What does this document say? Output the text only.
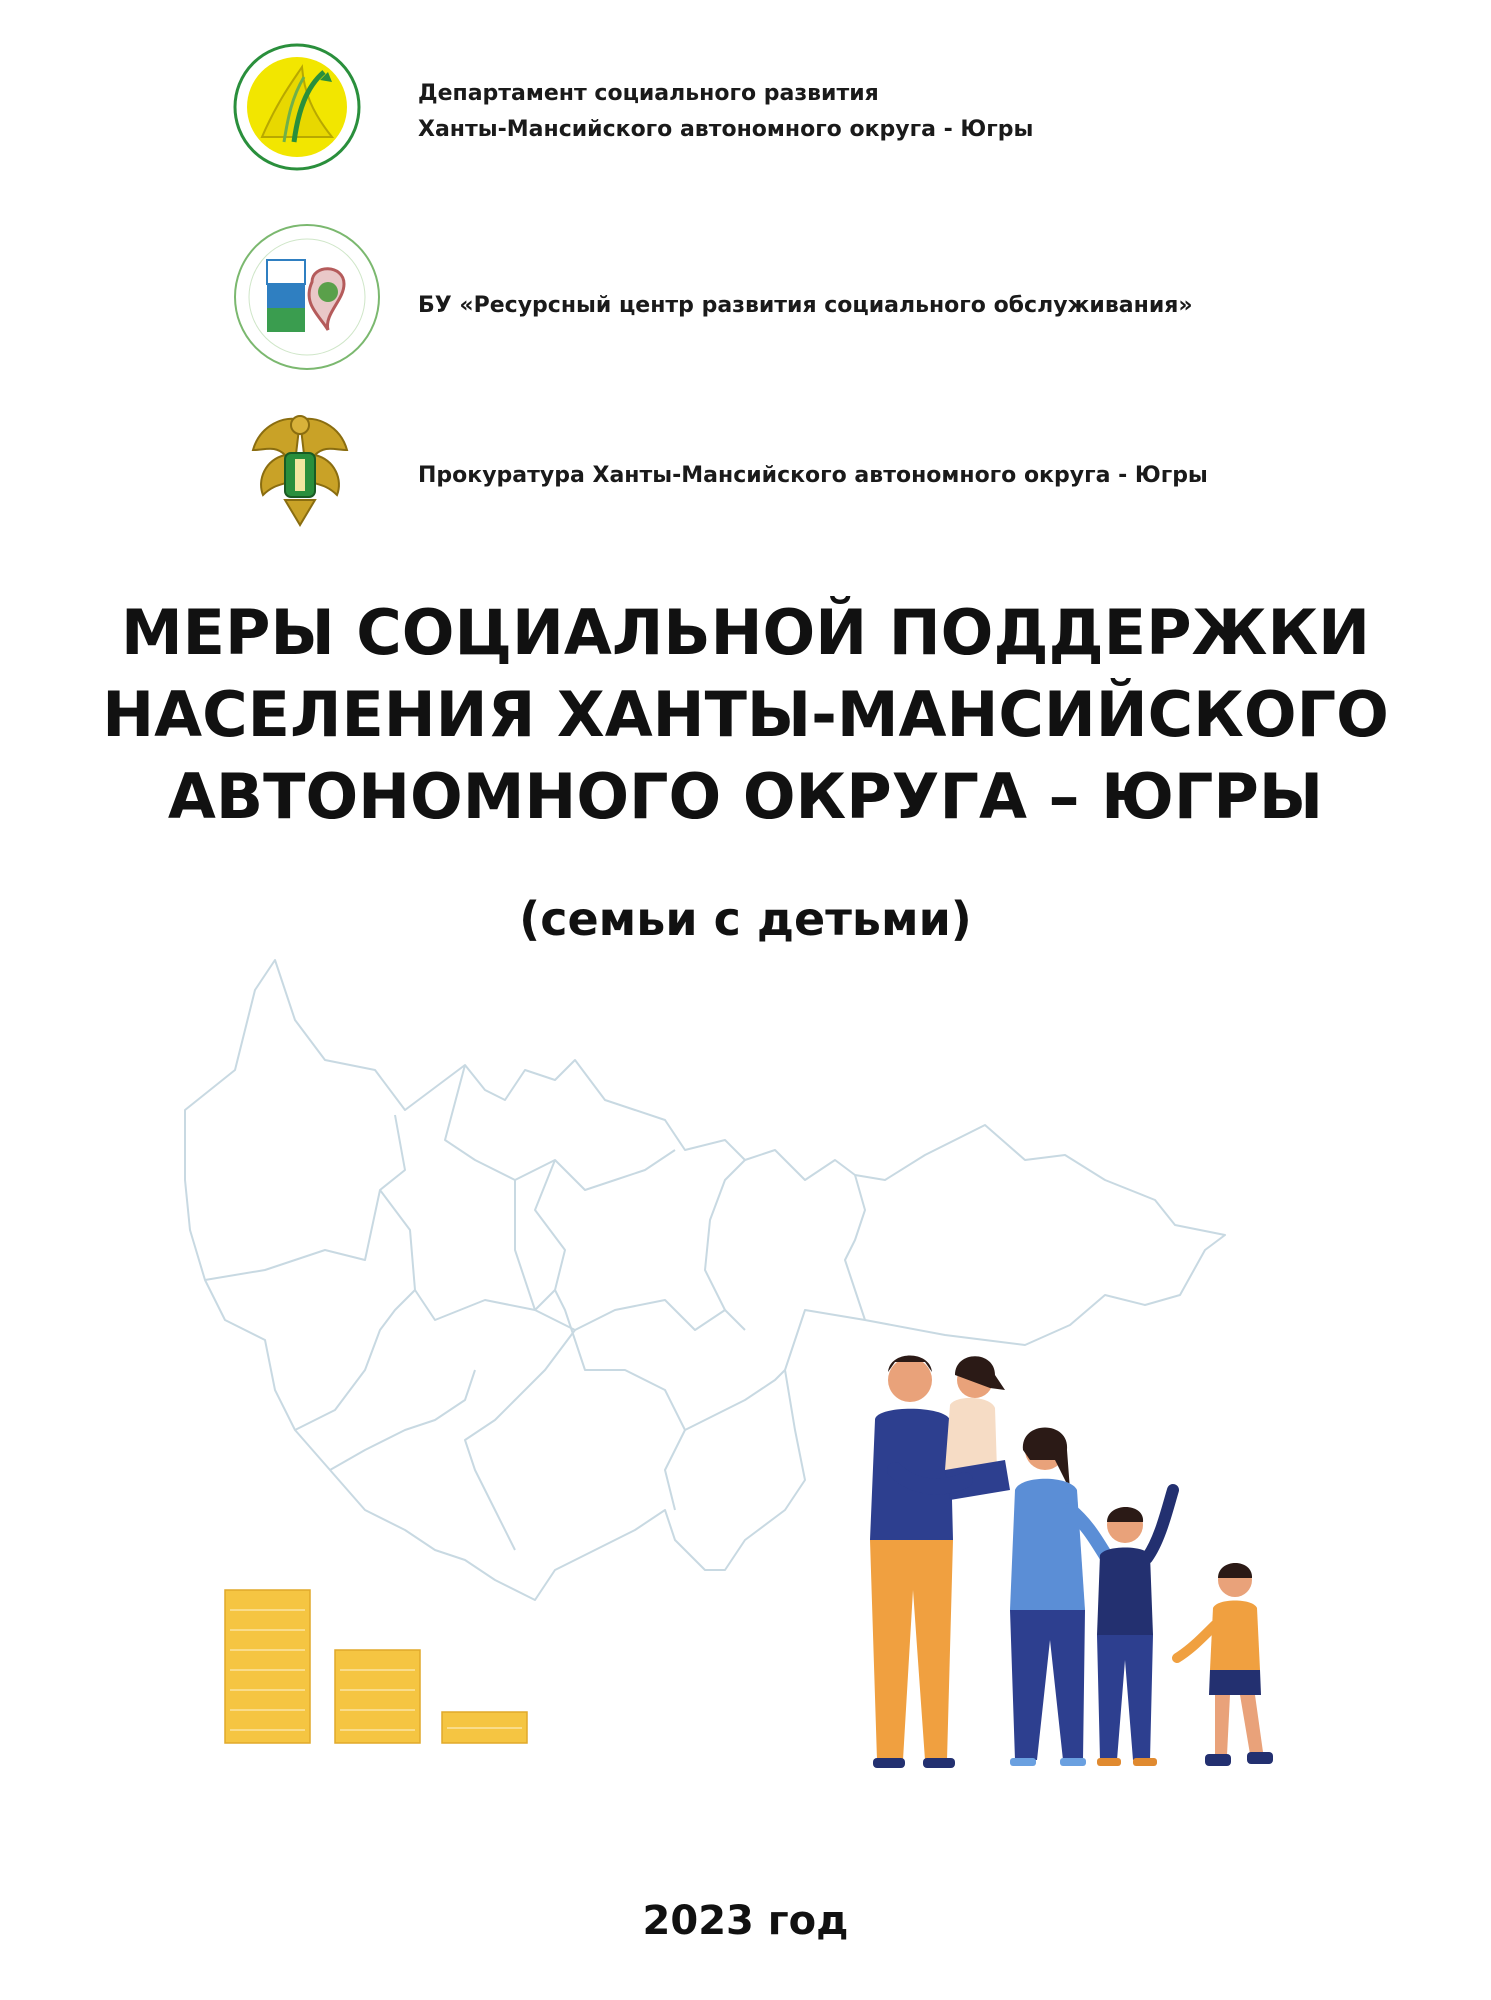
Департамент социального развития
Ханты-Мансийского автономного округа - Югры
БУ «Ресурсный центр развития социального обслуживания»
Прокуратура Ханты-Мансийского автономного округа - Югры
МЕРЫ СОЦИАЛЬНОЙ ПОДДЕРЖКИ
НАСЕЛЕНИЯ ХАНТЫ-МАНСИЙСКОГО
АВТОНОМНОГО ОКРУГА – ЮГРЫ
(семьи с детьми)
2023 год
